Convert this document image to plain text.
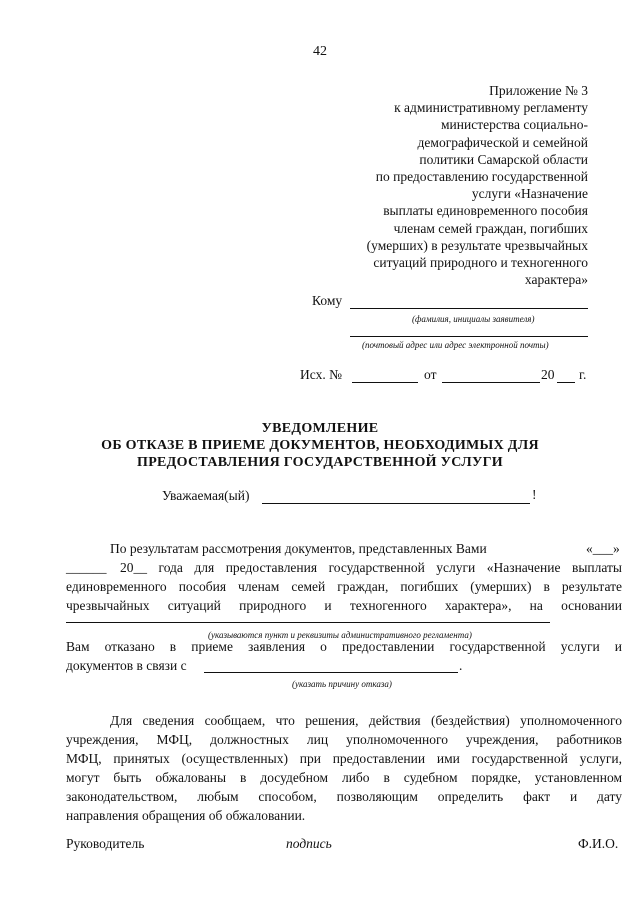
42
Приложение № 3
к административному регламенту
министерства социально-
демографической и семейной
политики Самарской области
по предоставлению государственной
услуги «Назначение
выплаты единовременного пособия
членам семей граждан, погибших
(умерших) в результате чрезвычайных
ситуаций природного и техногенного
характера»
Кому
(фамилия, инициалы заявителя)
(почтовый адрес или адрес электронной почты)
Исх. №	от	20 г.
УВЕДОМЛЕНИЕ
ОБ ОТКАЗЕ В ПРИЕМЕ ДОКУМЕНТОВ, НЕОБХОДИМЫХ ДЛЯ
ПРЕДОСТАВЛЕНИЯ ГОСУДАРСТВЕННОЙ УСЛУГИ
Уважаемая(ый)	!
По результатам рассмотрения документов, представленных Вами	«___»
______ 20__ года для предоставления государственной услуги «Назначение выплаты
единовременного пособия членам семей граждан, погибших (умерших) в результате
чрезвычайных ситуаций природного и техногенного характера», на основании
(указываются пункт и реквизиты административного регламента)
Вам отказано в приеме заявления о предоставлении государственной услуги и
документов в связи с	.
(указать причину отказа)
Для сведения сообщаем, что решения, действия (бездействия) уполномоченного
учреждения, МФЦ, должностных лиц уполномоченного учреждения, работников
МФЦ, принятых (осуществленных) при предоставлении ими государственной услуги,
могут быть обжалованы в досудебном либо в судебном порядке, установленном
законодательством, любым способом, позволяющим определить факт и дату
направления обращения об обжаловании.
Руководитель	подпись	Ф.И.О.
